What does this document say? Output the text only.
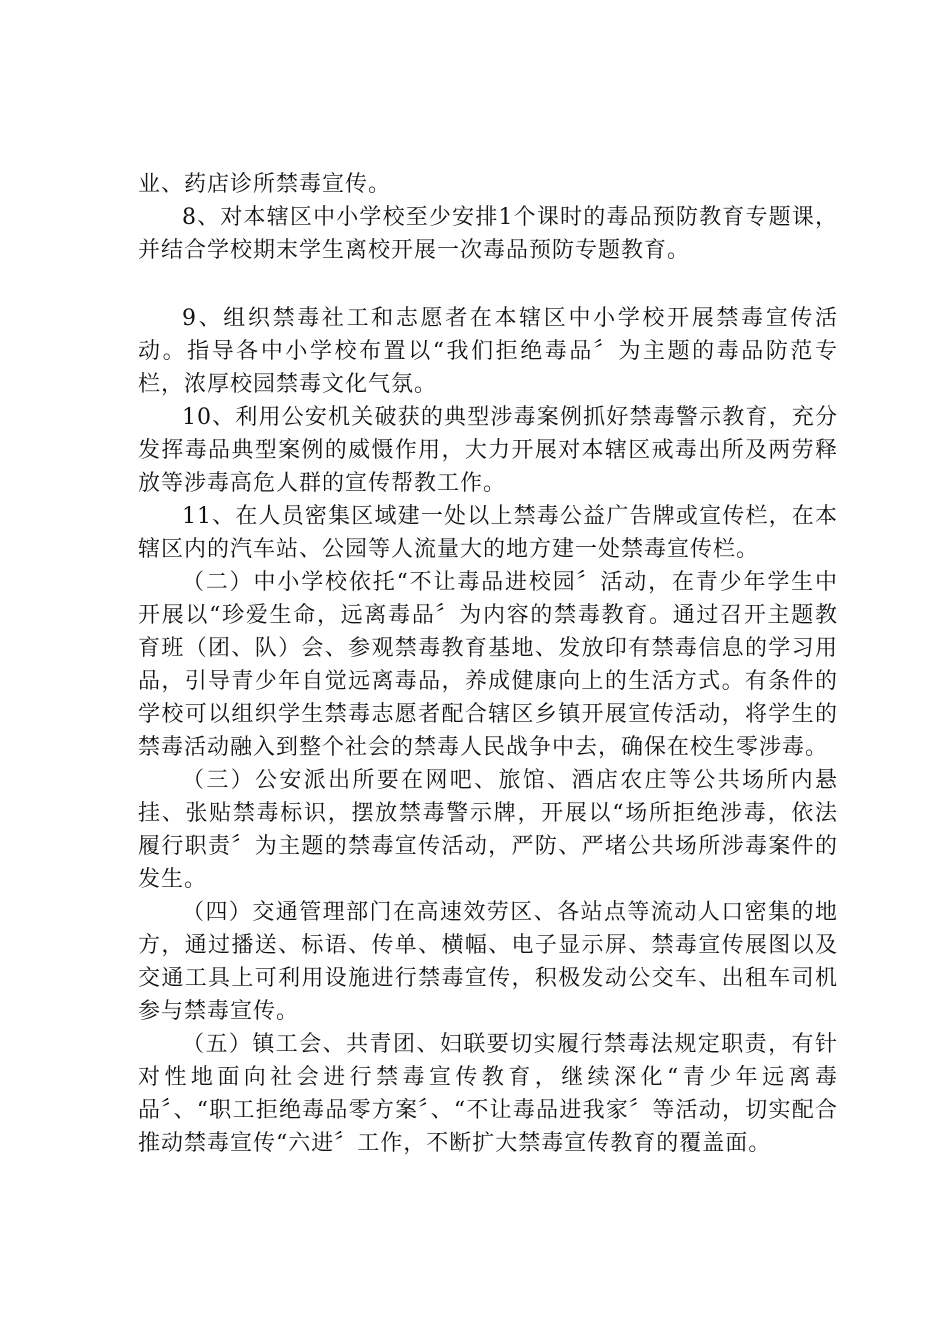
业、药店诊所禁毒宣传。

8、对本辖区中小学校至少安排1个课时的毒品预防教育专题课，并结合学校期末学生离校开展一次毒品预防专题教育。

9、组织禁毒社工和志愿者在本辖区中小学校开展禁毒宣传活动。指导各中小学校布置以“我们拒绝毒品〞为主题的毒品防范专栏，浓厚校园禁毒文化气氛。

10、利用公安机关破获的典型涉毒案例抓好禁毒警示教育，充分发挥毒品典型案例的威慑作用，大力开展对本辖区戒毒出所及两劳释放等涉毒高危人群的宣传帮教工作。

11、在人员密集区域建一处以上禁毒公益广告牌或宣传栏，在本辖区内的汽车站、公园等人流量大的地方建一处禁毒宣传栏。

（二）中小学校依托“不让毒品进校园〞活动，在青少年学生中开展以“珍爱生命，远离毒品〞为内容的禁毒教育。通过召开主题教育班（团、队）会、参观禁毒教育基地、发放印有禁毒信息的学习用品，引导青少年自觉远离毒品，养成健康向上的生活方式。有条件的学校可以组织学生禁毒志愿者配合辖区乡镇开展宣传活动，将学生的禁毒活动融入到整个社会的禁毒人民战争中去，确保在校生零涉毒。

（三）公安派出所要在网吧、旅馆、酒店农庄等公共场所内悬挂、张贴禁毒标识，摆放禁毒警示牌，开展以“场所拒绝涉毒，依法履行职责〞为主题的禁毒宣传活动，严防、严堵公共场所涉毒案件的发生。

（四）交通管理部门在高速效劳区、各站点等流动人口密集的地方，通过播送、标语、传单、横幅、电子显示屏、禁毒宣传展图以及交通工具上可利用设施进行禁毒宣传，积极发动公交车、出租车司机参与禁毒宣传。

（五）镇工会、共青团、妇联要切实履行禁毒法规定职责，有针对性地面向社会进行禁毒宣传教育，继续深化“青少年远离毒品〞、“职工拒绝毒品零方案〞、“不让毒品进我家〞等活动，切实配合推动禁毒宣传“六进〞工作，不断扩大禁毒宣传教育的覆盖面。
